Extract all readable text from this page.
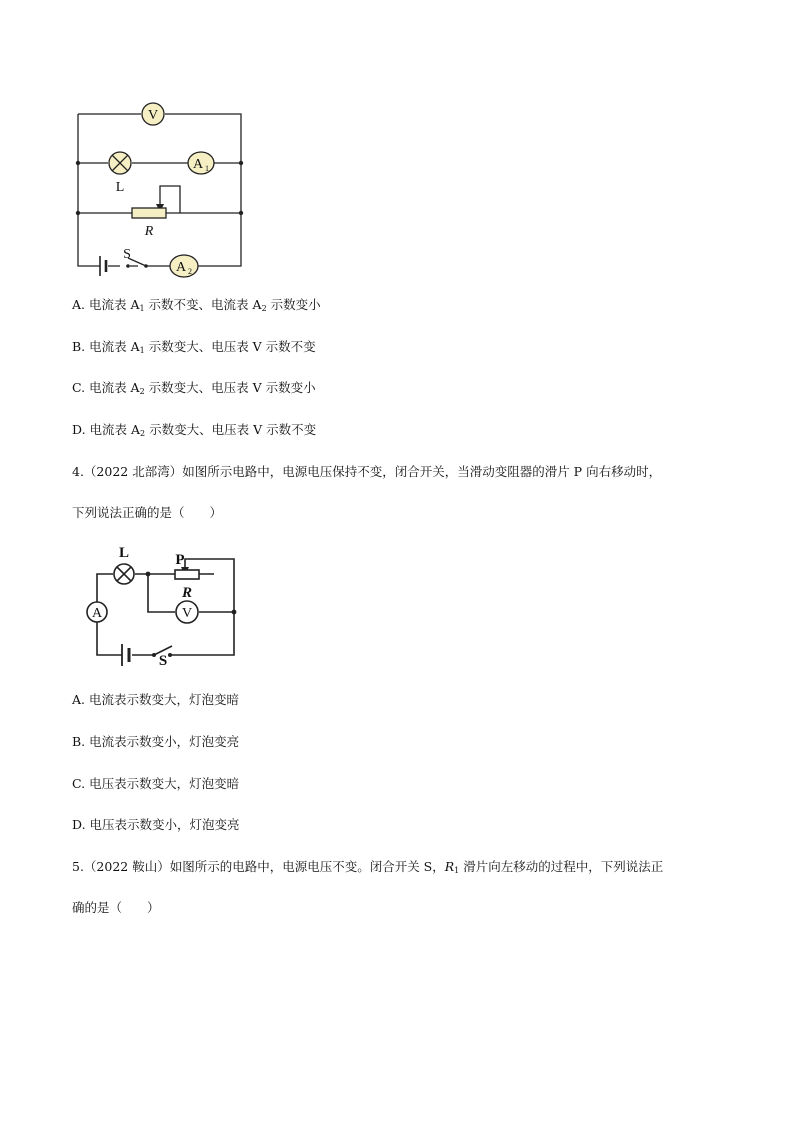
V
L
A 1
R
S
A 2
A. 电流表 $A_1$ 示数不变、电流表 $A_2$ 示数变小
B. 电流表 $A_1$ 示数变大、电压表 V 示数不变
C. 电流表 $A_2$ 示数变大、电压表 V 示数变小
D. 电流表 $A_2$ 示数变大、电压表 V 示数不变
4.（2022 北部湾）如图所示电路中，电源电压保持不变，闭合开关，当滑动变阻器的滑片 P 向右移动时，
下列说法正确的是（　　）
L	P
R
A	V
S
A. 电流表示数变大，灯泡变暗
B. 电流表示数变小，灯泡变亮
C. 电压表示数变大，灯泡变暗
D. 电压表示数变小，灯泡变亮
5.（2022 鞍山）如图所示的电路中，电源电压不变。闭合开关 S，$R_1$ 滑片向左移动的过程中，下列说法正
确的是（　　）
